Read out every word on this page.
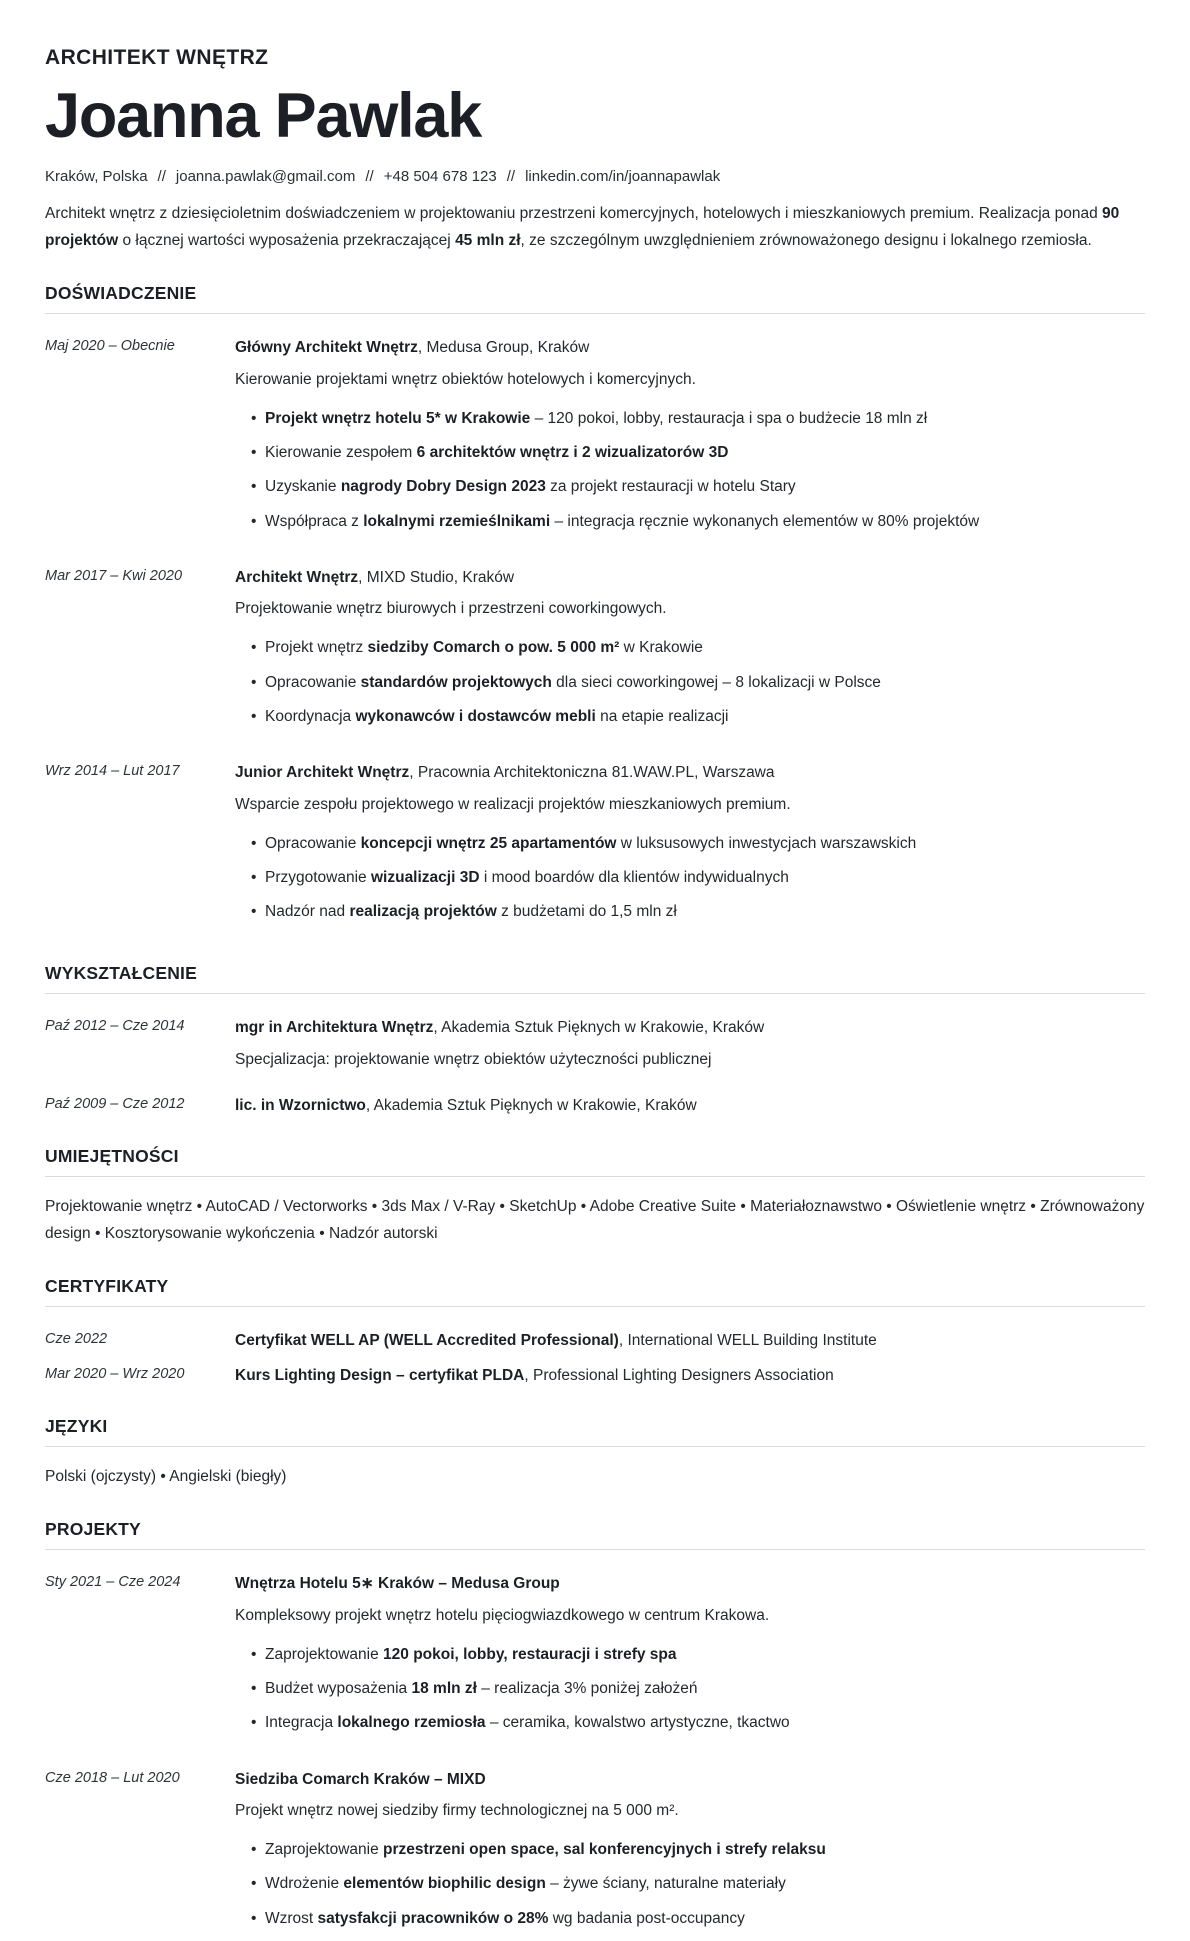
ARCHITEKT WNĘTRZ

Joanna Pawlak
Kraków, Polska // joanna.pawlak@gmail.com // +48 504 678 123 // linkedin.com/in/joannapawlak

Architekt wnętrz z dziesięcioletnim doświadczeniem w projektowaniu przestrzeni komercyjnych, hotelowych i mieszkaniowych premium. Realizacja ponad 90 projektów o łącznej wartości wyposażenia przekraczającej 45 mln zł, ze szczególnym uwzględnieniem zrównoważonego designu i lokalnego rzemiosła.

DOŚWIADCZENIE
Maj 2020 – Obecnie	Główny Architekt Wnętrz, Medusa Group, Kraków

Kierowanie projektami wnętrz obiektów hotelowych i komercyjnych.

• Projekt wnętrz hotelu 5* w Krakowie – 120 pokoi, lobby, restauracja i spa o budżecie 18 mln zł
• Kierowanie zespołem 6 architektów wnętrz i 2 wizualizatorów 3D
• Uzyskanie nagrody Dobry Design 2023 za projekt restauracji w hotelu Stary
• Współpraca z lokalnymi rzemieślnikami – integracja ręcznie wykonanych elementów w 80% projektów
Mar 2017 – Kwi 2020	Architekt Wnętrz, MIXD Studio, Kraków

Projektowanie wnętrz biurowych i przestrzeni coworkingowych.

• Projekt wnętrz siedziby Comarch o pow. 5 000 m² w Krakowie
• Opracowanie standardów projektowych dla sieci coworkingowej – 8 lokalizacji w Polsce
• Koordynacja wykonawców i dostawców mebli na etapie realizacji
Wrz 2014 – Lut 2017	Junior Architekt Wnętrz, Pracownia Architektoniczna 81.WAW.PL, Warszawa

Wsparcie zespołu projektowego w realizacji projektów mieszkaniowych premium.

• Opracowanie koncepcji wnętrz 25 apartamentów w luksusowych inwestycjach warszawskich
• Przygotowanie wizualizacji 3D i mood boardów dla klientów indywidualnych
• Nadzór nad realizacją projektów z budżetami do 1,5 mln zł
WYKSZTAŁCENIE
Paź 2012 – Cze 2014	mgr in Architektura Wnętrz, Akademia Sztuk Pięknych w Krakowie, Kraków

Specjalizacja: projektowanie wnętrz obiektów użyteczności publicznej

Paź 2009 – Cze 2012	lic. in Wzornictwo, Akademia Sztuk Pięknych w Krakowie, Kraków

UMIEJĘTNOŚCI

Projektowanie wnętrz • AutoCAD / Vectorworks • 3ds Max / V-Ray • SketchUp • Adobe Creative Suite • Materiałoznawstwo • Oświetlenie wnętrz • Zrównoważony design • Kosztorysowanie wykończenia • Nadzór autorski

CERTYFIKATY
Cze 2022	Certyfikat WELL AP (WELL Accredited Professional), International WELL Building Institute

Mar 2020 – Wrz 2020	Kurs Lighting Design – certyfikat PLDA, Professional Lighting Designers Association

JĘZYKI

Polski (ojczysty) • Angielski (biegły)

PROJEKTY
Sty 2021 – Cze 2024	Wnętrza Hotelu 5∗ Kraków – Medusa Group

Kompleksowy projekt wnętrz hotelu pięciogwiazdkowego w centrum Krakowa.

• Zaprojektowanie 120 pokoi, lobby, restauracji i strefy spa
• Budżet wyposażenia 18 mln zł – realizacja 3% poniżej założeń
• Integracja lokalnego rzemiosła – ceramika, kowalstwo artystyczne, tkactwo
Cze 2018 – Lut 2020	Siedziba Comarch Kraków – MIXD

Projekt wnętrz nowej siedziby firmy technologicznej na 5 000 m².

• Zaprojektowanie przestrzeni open space, sal konferencyjnych i strefy relaksu
• Wdrożenie elementów biophilic design – żywe ściany, naturalne materiały
• Wzrost satysfakcji pracowników o 28% wg badania post-occupancy
